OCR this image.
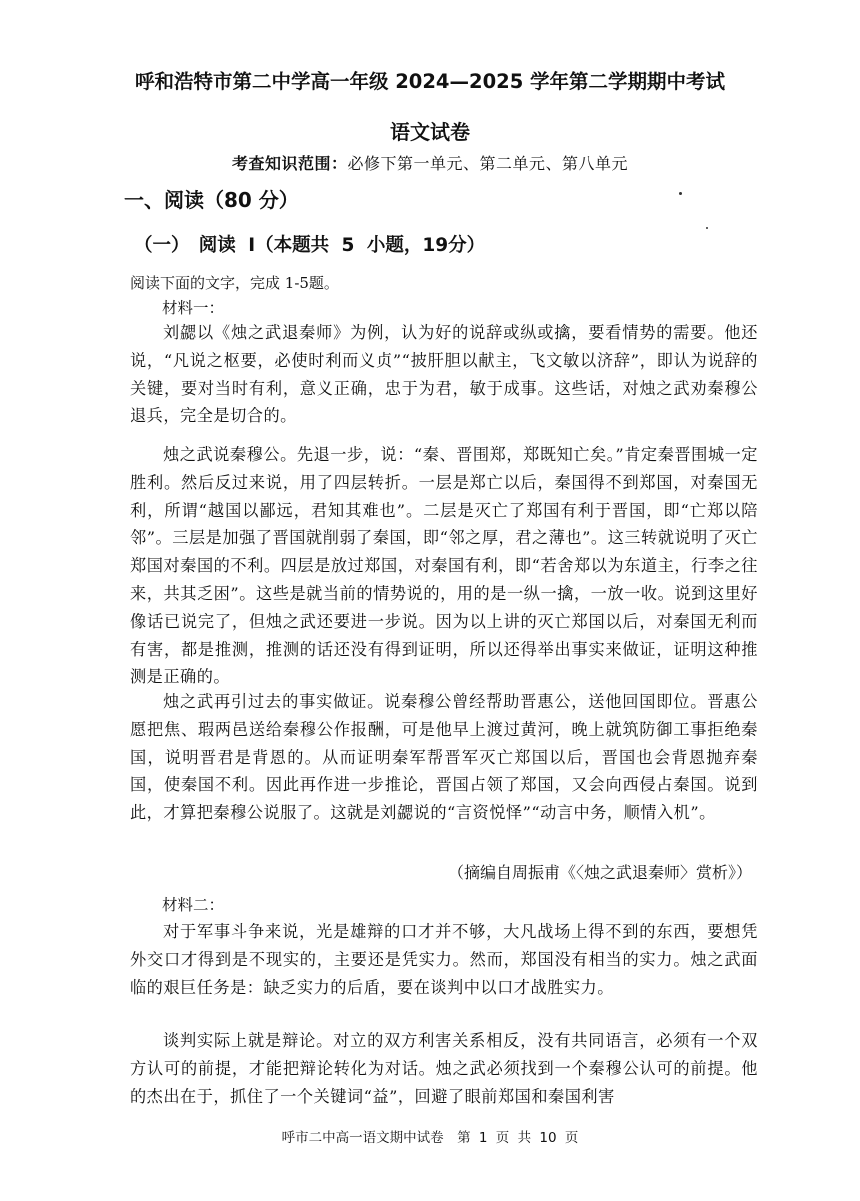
呼和浩特市第二中学高一年级 2024—2025 学年第二学期期中考试
语文试卷
考查知识范围：必修下第一单元、第二单元、第八单元
一、阅读（80 分）
（一）　阅读 Ⅰ（本题共 5 小题，19分）
阅读下面的文字，完成 1-5题。
材料一：
刘勰以《烛之武退秦师》为例，认为好的说辞或纵或擒，要看情势的需要。他还说，“凡说之枢要，必使时利而义贞”“披肝胆以献主，飞文敏以济辞”，即认为说辞的关键，要对当时有利，意义正确，忠于为君，敏于成事。这些话，对烛之武劝秦穆公退兵，完全是切合的。
烛之武说秦穆公。先退一步，说：“秦、晋围郑，郑既知亡矣。”肯定秦晋围城一定胜利。然后反过来说，用了四层转折。一层是郑亡以后，秦国得不到郑国，对秦国无利，所谓“越国以鄙远，君知其难也”。二层是灭亡了郑国有利于晋国，即“亡郑以陪邻”。三层是加强了晋国就削弱了秦国，即“邻之厚，君之薄也”。这三转就说明了灭亡郑国对秦国的不利。四层是放过郑国，对秦国有利，即“若舍郑以为东道主，行李之往来，共其乏困”。这些是就当前的情势说的，用的是一纵一擒，一放一收。说到这里好像话已说完了，但烛之武还要进一步说。因为以上讲的灭亡郑国以后，对秦国无利而有害，都是推测，推测的话还没有得到证明，所以还得举出事实来做证，证明这种推测是正确的。
烛之武再引过去的事实做证。说秦穆公曾经帮助晋惠公，送他回国即位。晋惠公愿把焦、瑕两邑送给秦穆公作报酬，可是他早上渡过黄河，晚上就筑防御工事拒绝秦国，说明晋君是背恩的。从而证明秦军帮晋军灭亡郑国以后，晋国也会背恩抛弃秦国，使秦国不利。因此再作进一步推论，晋国占领了郑国，又会向西侵占秦国。说到此，才算把秦穆公说服了。这就是刘勰说的“言资悦怿”“动言中务，顺情入机”。
（摘编自周振甫《〈烛之武退秦师〉赏析》）
材料二：
对于军事斗争来说，光是雄辩的口才并不够，大凡战场上得不到的东西，要想凭外交口才得到是不现实的，主要还是凭实力。然而，郑国没有相当的实力。烛之武面临的艰巨任务是：缺乏实力的后盾，要在谈判中以口才战胜实力。
谈判实际上就是辩论。对立的双方利害关系相反，没有共同语言，必须有一个双方认可的前提，才能把辩论转化为对话。烛之武必须找到一个秦穆公认可的前提。他的杰出在于，抓住了一个关键词“益”，回避了眼前郑国和秦国利害
呼市二中高一语文期中试卷　第 1 页 共 10 页
